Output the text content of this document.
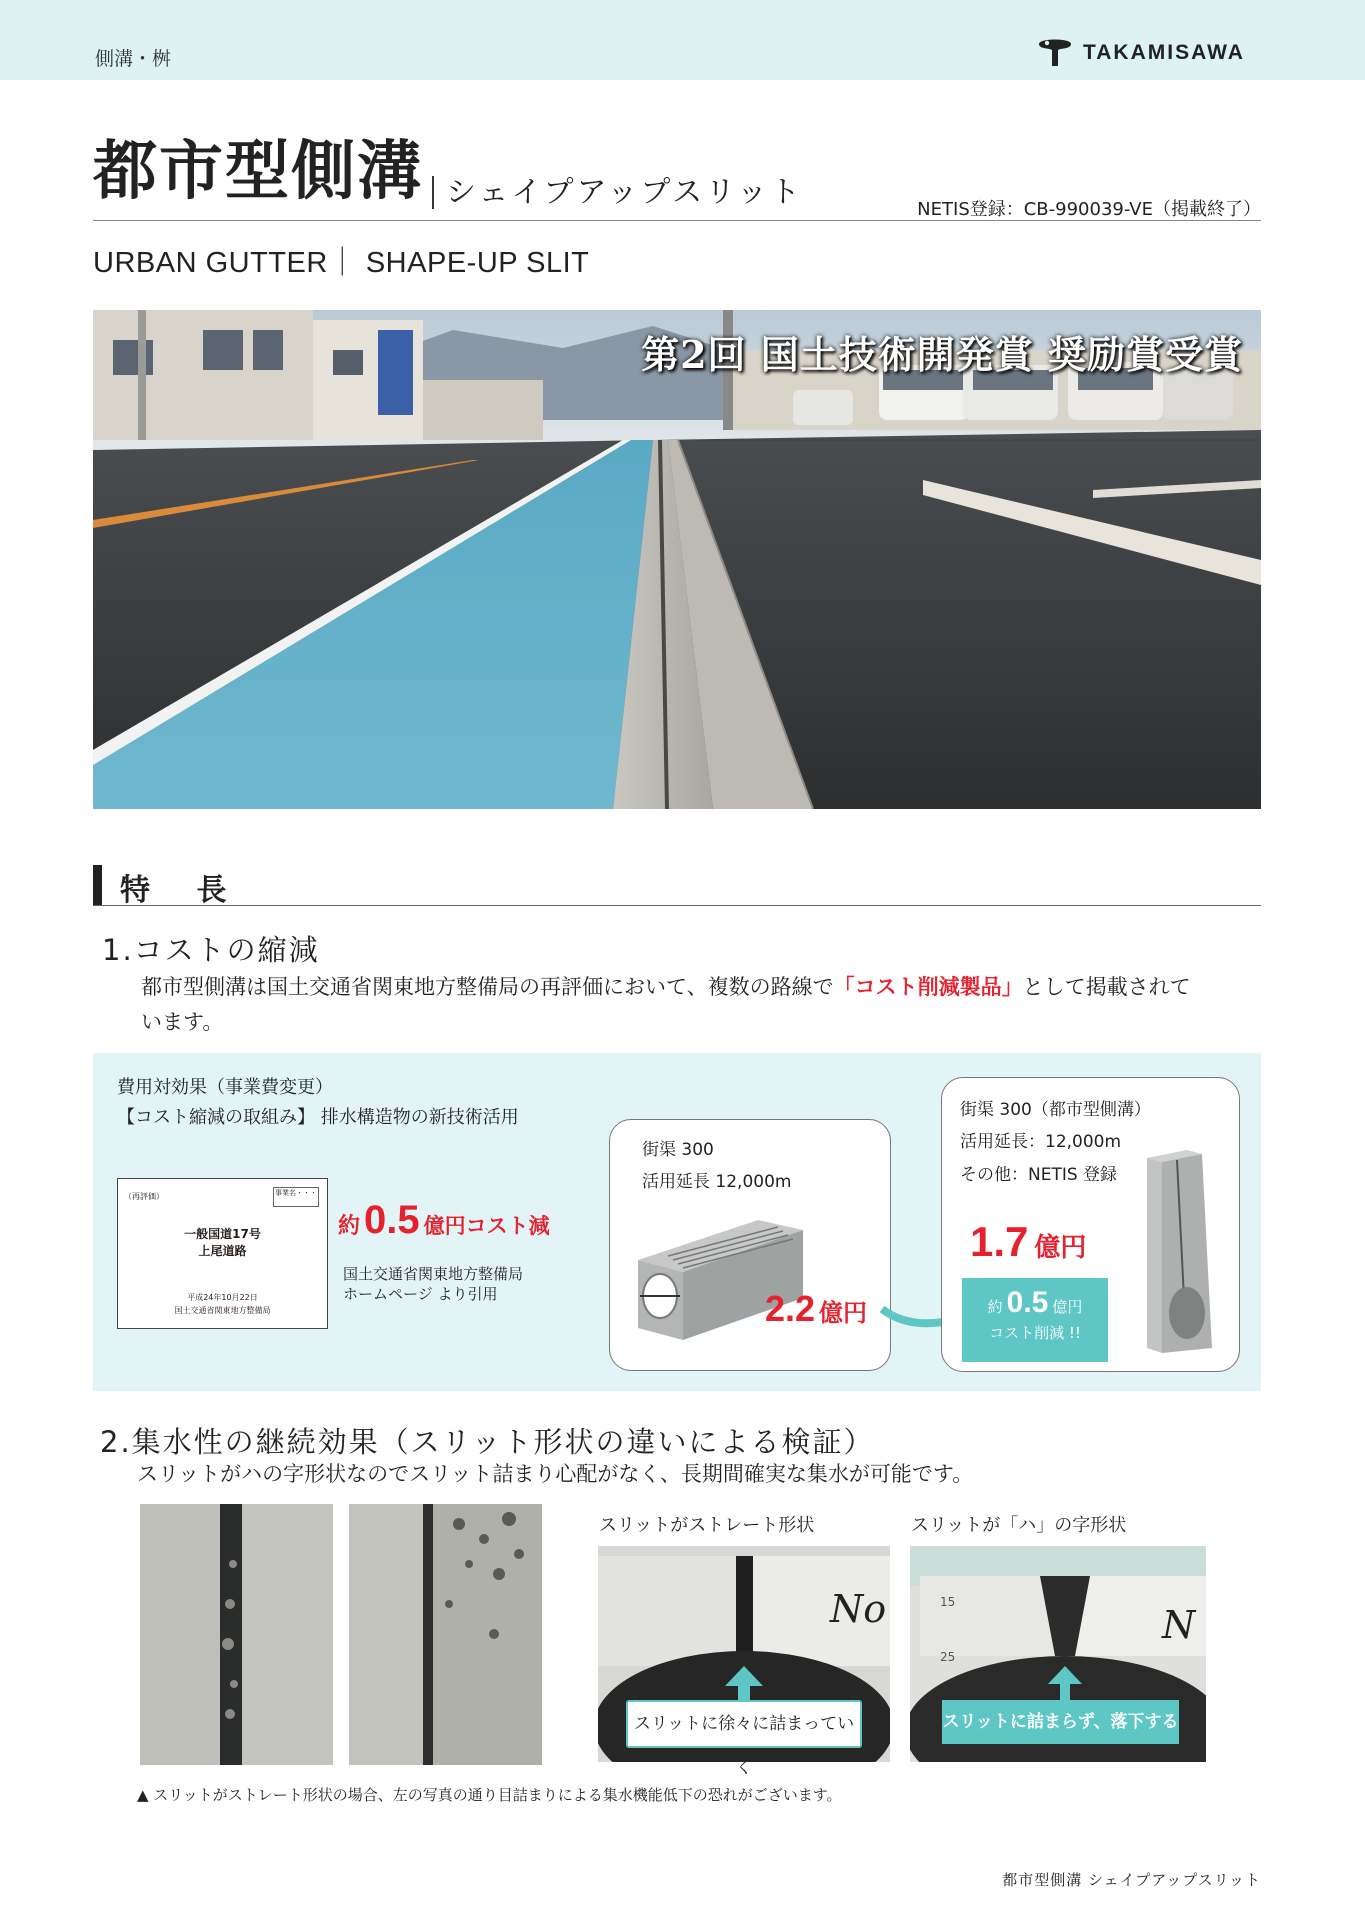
側溝・桝	TAKAMISAWA
都市型側溝 シェイプアップスリット	NETIS登録：CB-990039-VE（掲載終了）
URBAN GUTTER｜ SHAPE-UP SLIT
第2回 国土技術開発賞 奨励賞受賞
特 長
1.コストの縮減
都市型側溝は国土交通省関東地方整備局の再評価において、複数の路線で「コスト削減製品」として掲載されて
います。
費用対効果（事業費変更）
【コスト縮減の取組み】 排水構造物の新技術活用
（再評価）	事業名・・・
一般国道17号
上尾道路
平成24年10月22日
国土交通省関東地方整備局
約 0.5 億円コスト減
国土交通省関東地方整備局
ホームページ より引用
街渠 300
活用延長 12,000m
2.2 億円
街渠 300（都市型側溝）
活用延長：12,000m
その他：NETIS 登録
1.7 億円
約 0.5 億円
コスト削減 !!
2.集水性の継続効果（スリット形状の違いによる検証）
スリットがハの字形状なのでスリット詰まり心配がなく、長期間確実な集水が可能です。
スリットがストレート形状
No
スリットに徐々に詰まっていく
スリットが「ハ」の字形状
15
25
N
スリットに詰まらず、落下する
▲ スリットがストレート形状の場合、左の写真の通り目詰まりによる集水機能低下の恐れがございます。
都市型側溝 シェイプアップスリット
